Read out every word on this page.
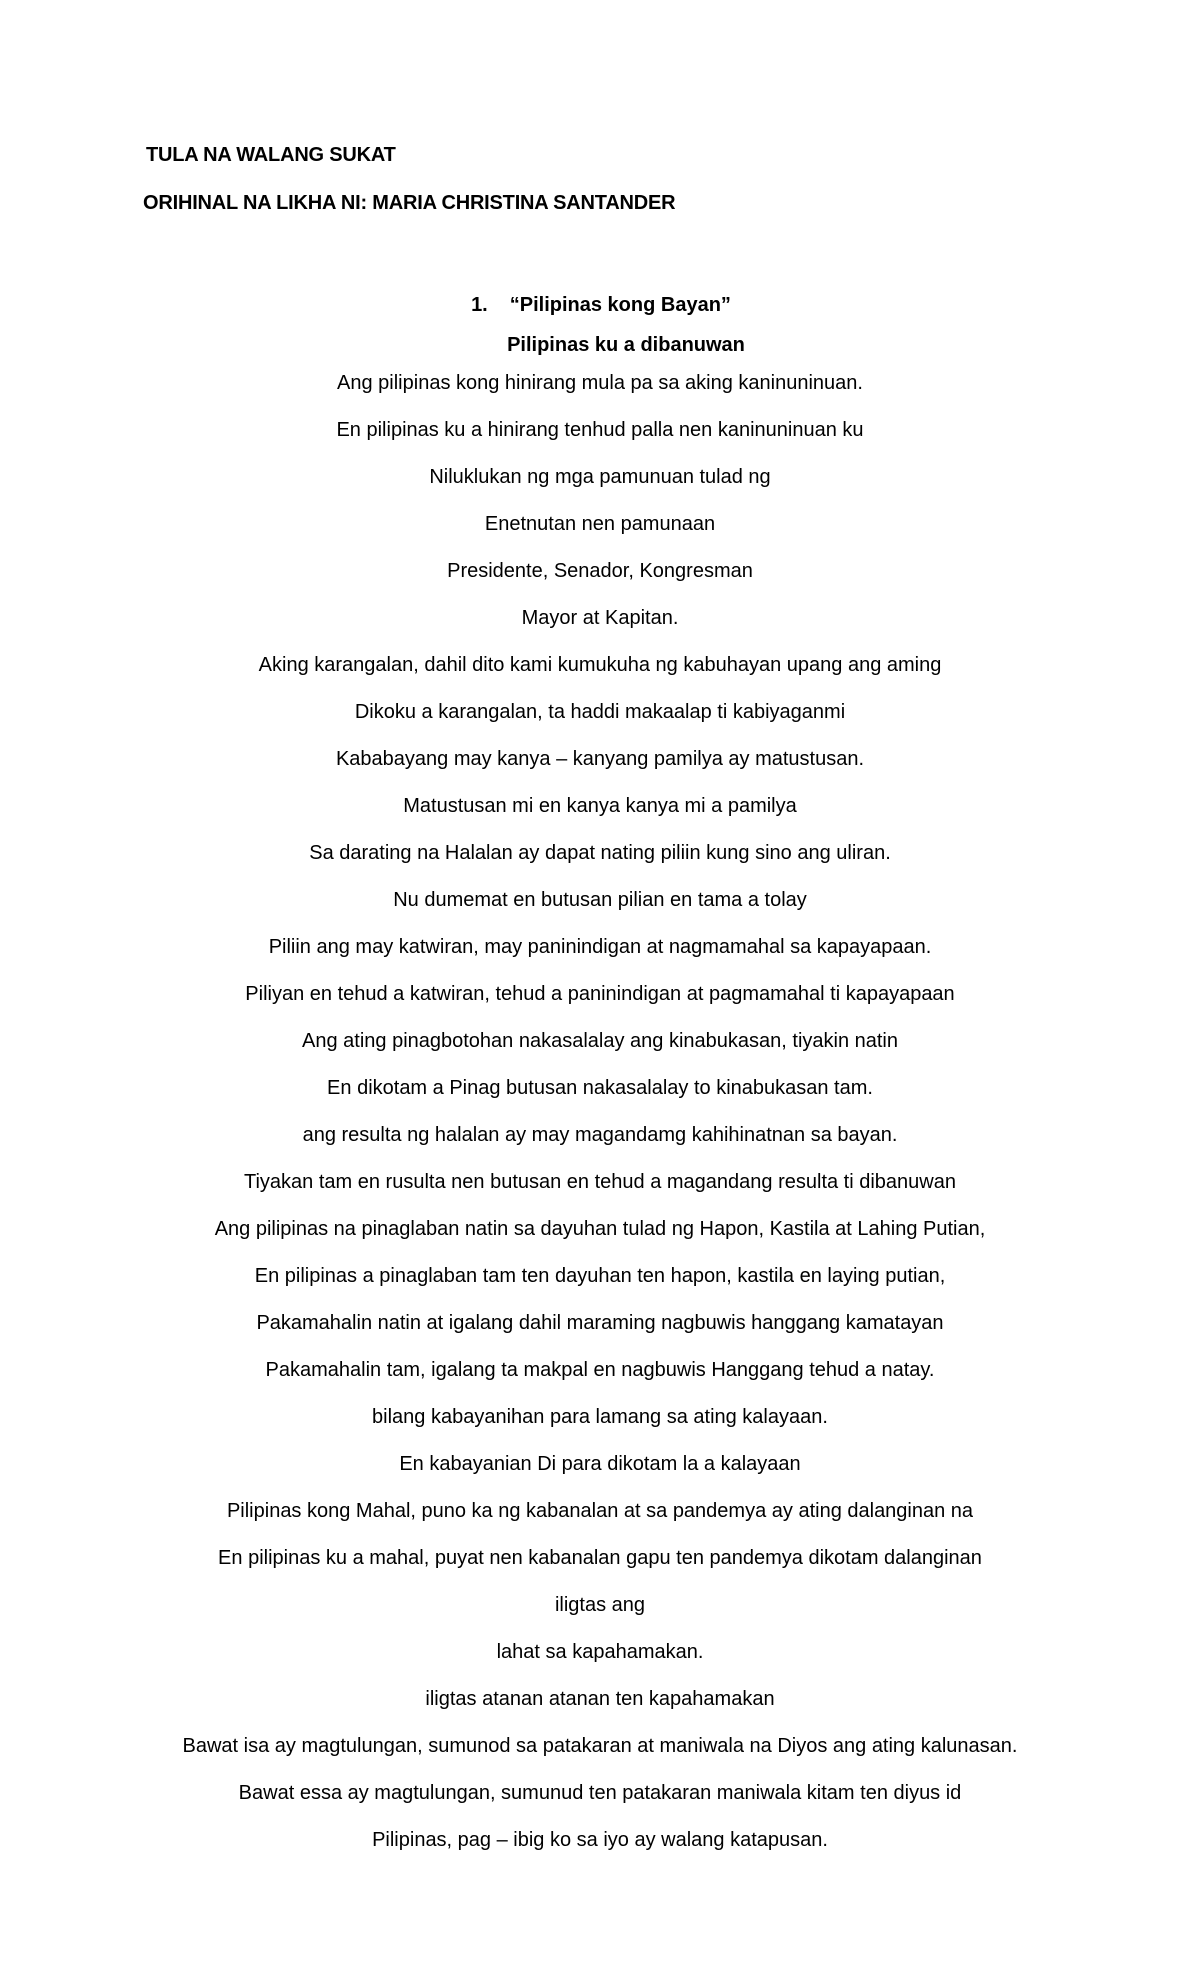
TULA NA WALANG SUKAT
ORIHINAL NA LIKHA NI: MARIA CHRISTINA SANTANDER
1. “Pilipinas kong Bayan”
Pilipinas ku a dibanuwan
Ang pilipinas kong hinirang mula pa sa aking kaninuninuan.
En pilipinas ku a hinirang tenhud palla nen kaninuninuan ku
Niluklukan ng mga pamunuan tulad ng
Enetnutan nen pamunaan
Presidente, Senador, Kongresman
Mayor at Kapitan.
Aking karangalan, dahil dito kami kumukuha ng kabuhayan upang ang aming
Dikoku a karangalan, ta haddi makaalap ti kabiyaganmi
Kababayang may kanya – kanyang pamilya ay matustusan.
Matustusan mi en kanya kanya mi a pamilya
Sa darating na Halalan ay dapat nating piliin kung sino ang uliran.
Nu dumemat en butusan pilian en tama a tolay
Piliin ang may katwiran, may paninindigan at nagmamahal sa kapayapaan.
Piliyan en tehud a katwiran, tehud a paninindigan at pagmamahal ti kapayapaan
Ang ating pinagbotohan nakasalalay ang kinabukasan, tiyakin natin
En dikotam a Pinag butusan nakasalalay to kinabukasan tam.
ang resulta ng halalan ay may magandamg kahihinatnan sa bayan.
Tiyakan tam en rusulta nen butusan en tehud a magandang resulta ti dibanuwan
Ang pilipinas na pinaglaban natin sa dayuhan tulad ng Hapon, Kastila at Lahing Putian,
En pilipinas a pinaglaban tam ten dayuhan ten hapon, kastila en laying putian,
Pakamahalin natin at igalang dahil maraming nagbuwis hanggang kamatayan
Pakamahalin tam, igalang ta makpal en nagbuwis Hanggang tehud a natay.
bilang kabayanihan para lamang sa ating kalayaan.
En kabayanian Di para dikotam la a kalayaan
Pilipinas kong Mahal, puno ka ng kabanalan at sa pandemya ay ating dalanginan na
En pilipinas ku a mahal, puyat nen kabanalan gapu ten pandemya dikotam dalanginan
iligtas ang
lahat sa kapahamakan.
iligtas atanan atanan ten kapahamakan
Bawat isa ay magtulungan, sumunod sa patakaran at maniwala na Diyos ang ating kalunasan.
Bawat essa ay magtulungan, sumunud ten patakaran maniwala kitam ten diyus id
Pilipinas, pag – ibig ko sa iyo ay walang katapusan.
